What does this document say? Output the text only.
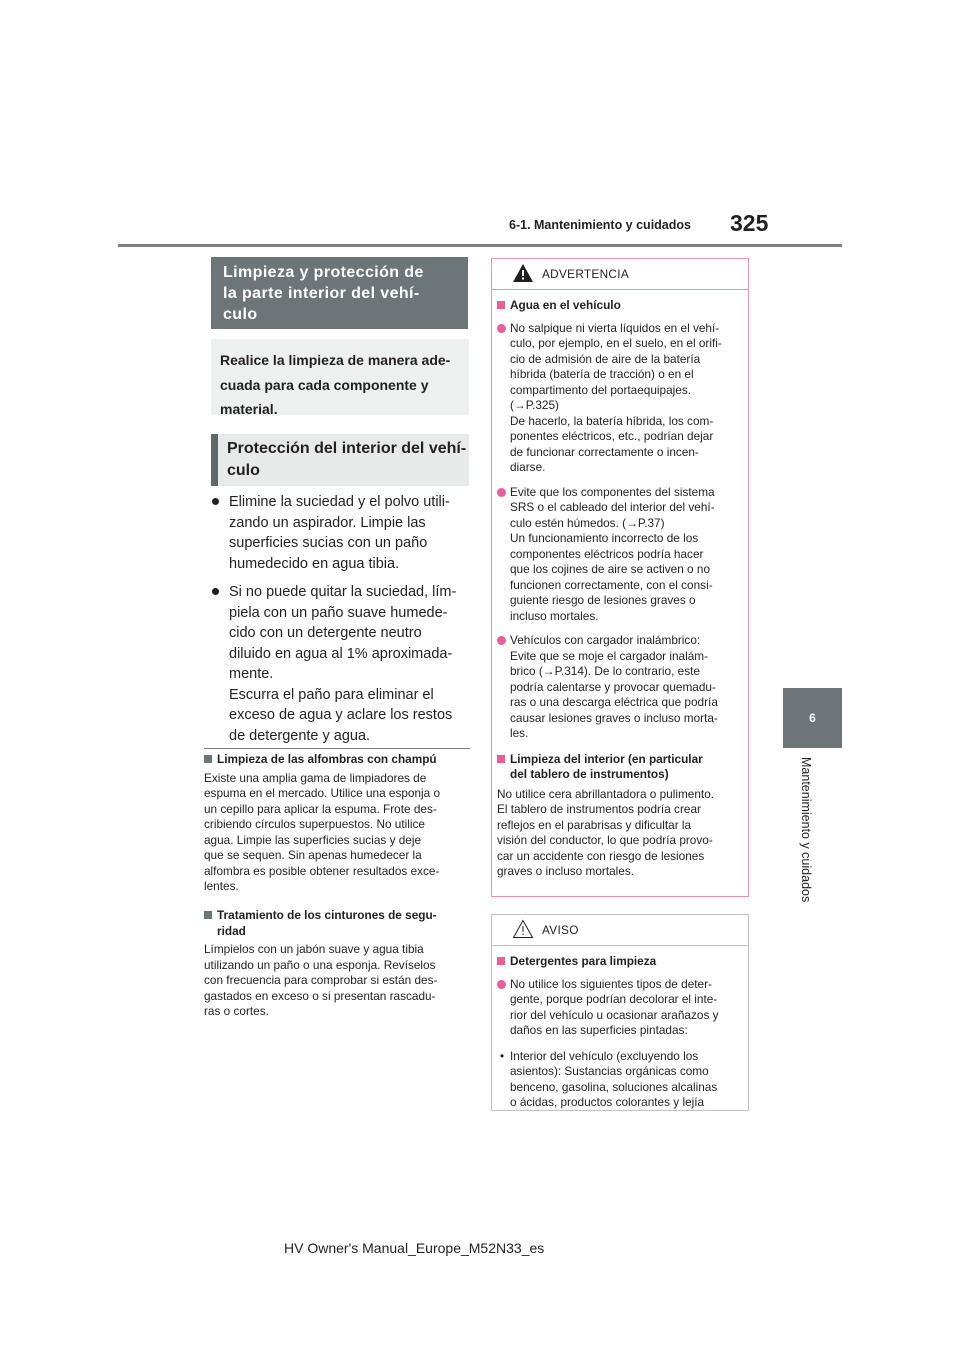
6-1. Mantenimiento y cuidados 325
6
Mantenimiento y cuidados
Limpieza y protección de
la parte interior del vehí-
culo
Realice la limpieza de manera ade-
cuada para cada componente y
material.
Protección del interior del vehí-
culo
Elimine la suciedad y el polvo utili-
zando un aspirador. Limpie las
superficies sucias con un paño
humedecido en agua tibia.
Si no puede quitar la suciedad, lím-
piela con un paño suave humede-
cido con un detergente neutro
diluido en agua al 1% aproximada-
mente.
Escurra el paño para eliminar el
exceso de agua y aclare los restos
de detergente y agua.
Limpieza de las alfombras con champú
Existe una amplia gama de limpiadores de
espuma en el mercado. Utilice una esponja o
un cepillo para aplicar la espuma. Frote des-
cribiendo círculos superpuestos. No utilice
agua. Limpie las superficies sucias y deje
que se sequen. Sin apenas humedecer la
alfombra es posible obtener resultados exce-
lentes.
Tratamiento de los cinturones de segu-
ridad
Límpielos con un jabón suave y agua tibia
utilizando un paño o una esponja. Revíselos
con frecuencia para comprobar si están des-
gastados en exceso o si presentan rascadu-
ras o cortes.
ADVERTENCIA
Agua en el vehículo
No salpique ni vierta líquidos en el vehí-
culo, por ejemplo, en el suelo, en el orifi-
cio de admisión de aire de la batería
híbrida (batería de tracción) o en el
compartimento del portaequipajes.
(→P.325)
De hacerlo, la batería híbrida, los com-
ponentes eléctricos, etc., podrían dejar
de funcionar correctamente o incen-
diarse.
Evite que los componentes del sistema
SRS o el cableado del interior del vehí-
culo estén húmedos. (→P.37)
Un funcionamiento incorrecto de los
componentes eléctricos podría hacer
que los cojines de aire se activen o no
funcionen correctamente, con el consi-
guiente riesgo de lesiones graves o
incluso mortales.
Vehículos con cargador inalámbrico:
Evite que se moje el cargador inalám-
brico (→P.314). De lo contrario, este
podría calentarse y provocar quemadu-
ras o una descarga eléctrica que podría
causar lesiones graves o incluso morta-
les.
Limpieza del interior (en particular
del tablero de instrumentos)
No utilice cera abrillantadora o pulimento.
El tablero de instrumentos podría crear
reflejos en el parabrisas y dificultar la
visión del conductor, lo que podría provo-
car un accidente con riesgo de lesiones
graves o incluso mortales.
AVISO
Detergentes para limpieza
No utilice los siguientes tipos de deter-
gente, porque podrían decolorar el inte-
rior del vehículo u ocasionar arañazos y
daños en las superficies pintadas:
• Interior del vehículo (excluyendo los
asientos): Sustancias orgánicas como
benceno, gasolina, soluciones alcalinas
o ácidas, productos colorantes y lejía
HV Owner's Manual_Europe_M52N33_es
